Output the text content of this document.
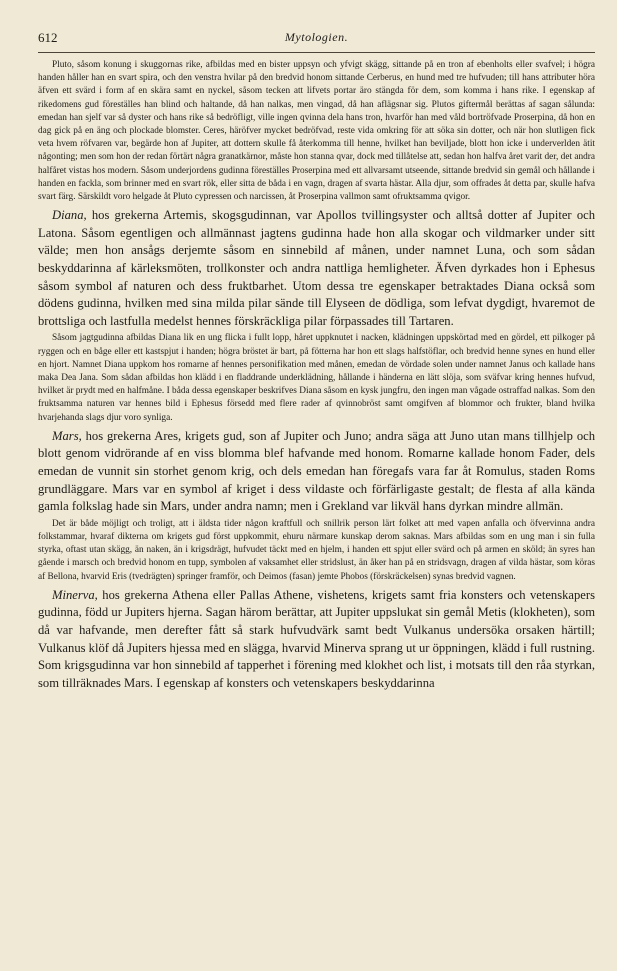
612	Mytologien.

Pluto, såsom konung i skuggornas rike, afbildas med en bister uppsyn och yfvigt skägg, sittande på en tron af ebenholts eller svafvel; i högra handen håller han en svart spira, och den venstra hvilar på den bredvid honom sittande Cerberus, en hund med tre hufvuden; till hans attributer höra äfven ett svärd i form af en skära samt en nyckel, såsom tecken att lifvets portar äro stängda för dem, som komma i hans rike. I egenskap af rikedomens gud föreställes han blind och haltande, då han nalkas, men vingad, då han aflägsnar sig. Plutos giftermål berättas af sagan sålunda: emedan han sjelf var så dyster och hans rike så bedröfligt, ville ingen qvinna dela hans tron, hvarför han med våld bortröfvade Proserpina, då hon en dag gick på en äng och plockade blomster. Ceres, häröfver mycket bedröfvad, reste vida omkring för att söka sin dotter, och när hon slutligen fick veta hvem röfvaren var, begärde hon af Jupiter, att dottern skulle få återkomma till henne, hvilket han beviljade, blott hon icke i underverlden ätit någonting; men som hon der redan förtärt några granatkärnor, måste hon stanna qvar, dock med tillåtelse att, sedan hon halfva året varit der, det andra halfåret vistas hos modern. Såsom underjordens gudinna föreställes Proserpina med ett allvarsamt utseende, sittande bredvid sin gemål och hållande i handen en fackla, som brinner med en svart rök, eller sitta de båda i en vagn, dragen af svarta hästar. Alla djur, som offrades åt detta par, skulle hafva svart färg. Särskildt voro helgade åt Pluto cypressen och narcissen, åt Proserpina vallmon samt ofruktsamma qvigor.

Diana, hos grekerna Artemis, skogsgudinnan, var Apollos tvillingsyster och alltså dotter af Jupiter och Latona. Såsom egentligen och allmännast jagtens gudinna hade hon alla skogar och vildmarker under sitt välde; men hon ansågs derjemte såsom en sinnebild af månen, under namnet Luna, och som sådan beskyddarinna af kärleksmöten, trollkonster och andra nattliga hemligheter. Äfven dyrkades hon i Ephesus såsom symbol af naturen och dess fruktbarhet. Utom dessa tre egenskaper betraktades Diana också som dödens gudinna, hvilken med sina milda pilar sände till Elyseen de dödliga, som lefvat dygdigt, hvaremot de brottsliga och lastfulla medelst hennes förskräckliga pilar förpassades till Tartaren.

Såsom jagtgudinna afbildas Diana lik en ung flicka i fullt lopp, håret uppknutet i nacken, klädningen uppskörtad med en gördel, ett pilkoger på ryggen och en båge eller ett kastspjut i handen; högra bröstet är bart, på fötterna har hon ett slags halfstöflar, och bredvid henne synes en hund eller en hjort. Namnet Diana uppkom hos romarne af hennes personifikation med månen, emedan de vördade solen under namnet Janus och kallade hans maka Dea Jana. Som sådan afbildas hon klädd i en fladdrande underklädning, hållande i händerna en lätt slöja, som sväfvar kring hennes hufvud, hvilket är prydt med en halfmåne. I båda dessa egenskaper beskrifves Diana såsom en kysk jungfru, den ingen man vågade ostraffad nalkas. Som den fruktsamma naturen var hennes bild i Ephesus försedd med flere rader af qvinnobröst samt omgifven af blommor och frukter, bland hvilka hvarjehanda slags djur voro synliga.

Mars, hos grekerna Ares, krigets gud, son af Jupiter och Juno; andra säga att Juno utan mans tillhjelp och blott genom vidrörande af en viss blomma blef hafvande med honom. Romarne kallade honom Fader, dels emedan de vunnit sin storhet genom krig, och dels emedan han föregafs vara far åt Romulus, staden Roms grundläggare. Mars var en symbol af kriget i dess vildaste och förfärligaste gestalt; de flesta af alla kända gamla folkslag hade sin Mars, under andra namn; men i Grekland var likväl hans dyrkan mindre allmän.

Det är både möjligt och troligt, att i äldsta tider någon kraftfull och snillrik person lärt folket att med vapen anfalla och öfvervinna andra folkstammar, hvaraf dikterna om krigets gud först uppkommit, ehuru närmare kunskap derom saknas. Mars afbildas som en ung man i sin fulla styrka, oftast utan skägg, än naken, än i krigsdrägt, hufvudet täckt med en hjelm, i handen ett spjut eller svärd och på armen en sköld; än syres han gående i marsch och bredvid honom en tupp, symbolen af vaksamhet eller stridslust, än åker han på en stridsvagn, dragen af vilda hästar, som köras af Bellona, hvarvid Eris (tvedrägten) springer framför, och Deimos (fasan) jemte Phobos (förskräckelsen) synas bredvid vagnen.

Minerva, hos grekerna Athena eller Pallas Athene, vishetens, krigets samt fria konsters och vetenskapers gudinna, född ur Jupiters hjerna. Sagan härom berättar, att Jupiter uppslukat sin gemål Metis (klokheten), som då var hafvande, men derefter fått så stark hufvudvärk samt bedt Vulkanus undersöka orsaken härtill; Vulkanus klöf då Jupiters hjessa med en slägga, hvarvid Minerva sprang ut ur öppningen, klädd i full rustning. Som krigsgudinna var hon sinnebild af tapperhet i förening med klokhet och list, i motsats till den råa styrkan, som tillräknades Mars. I egenskap af konsters och vetenskapers beskyddarinna
